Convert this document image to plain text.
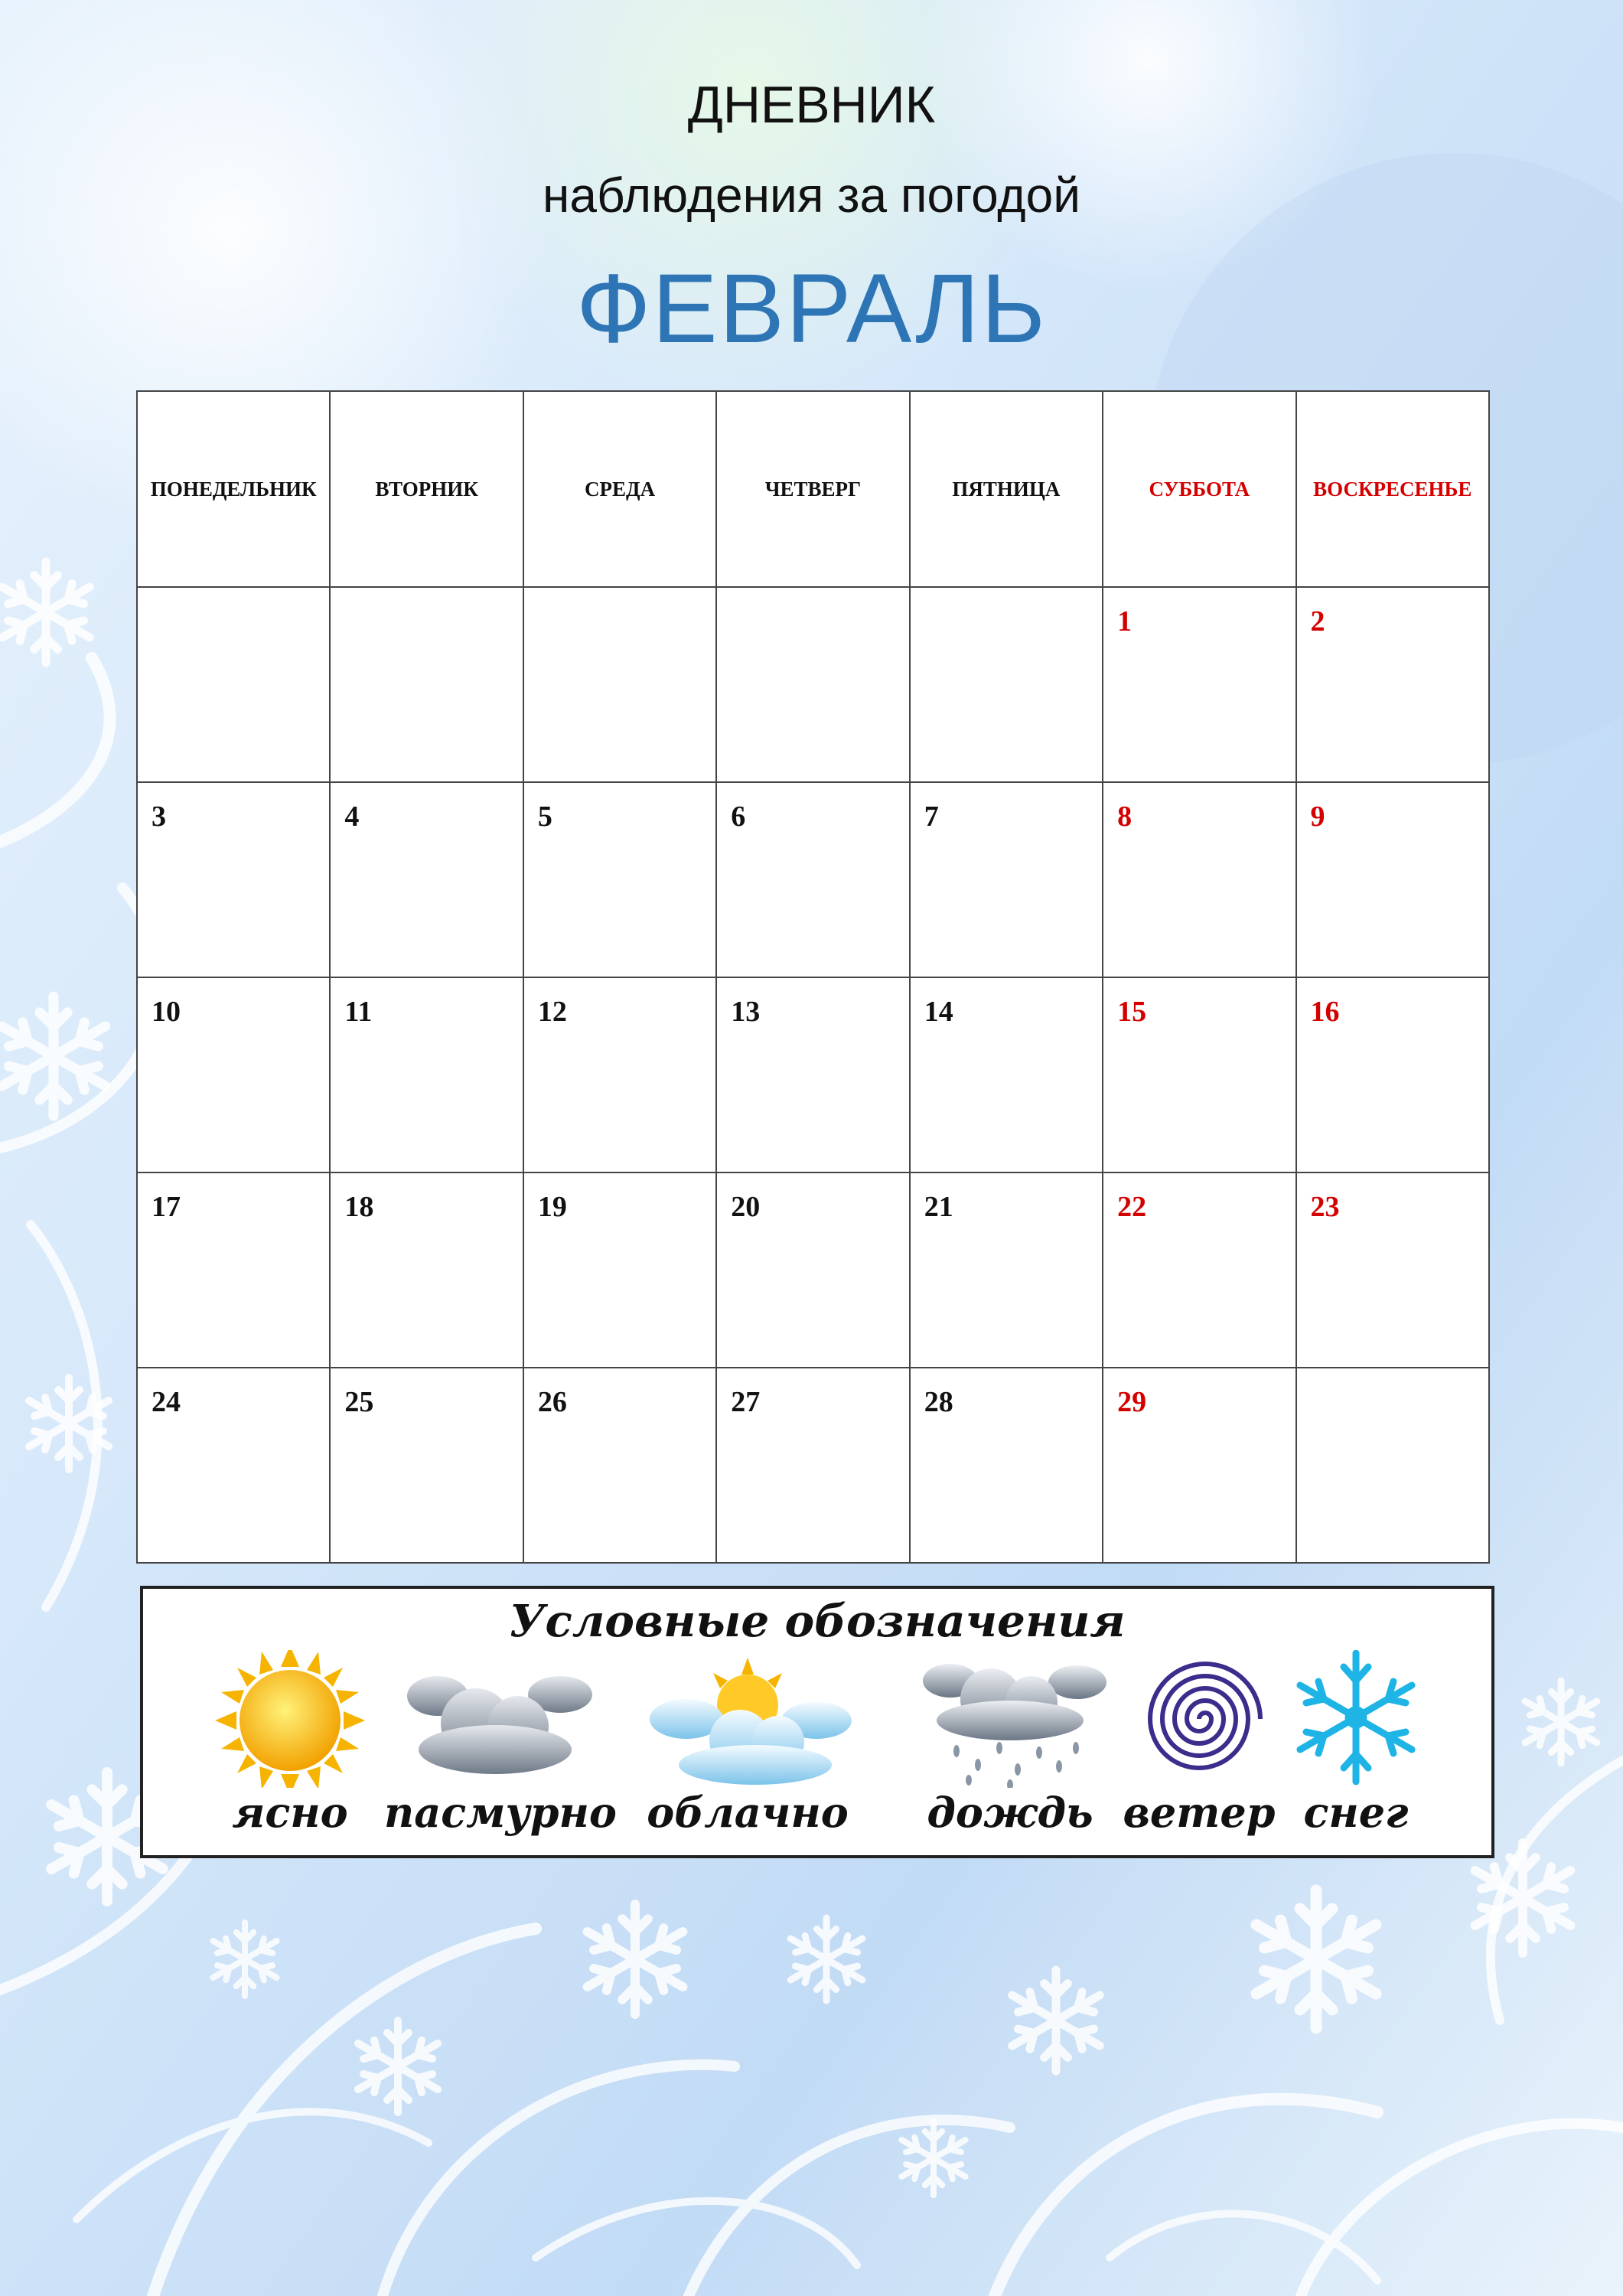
ДНЕВНИК
наблюдения за погодой
ФЕВРАЛЬ
ПОНЕДЕЛЬНИК	ВТОРНИК	СРЕДА	ЧЕТВЕРГ	ПЯТНИЦА	СУББОТА	ВОСКРЕСЕНЬЕ

					1	2

3	4	5	6	7	8	9

10	11	12	13	14	15	16

17	18	19	20	21	22	23

24	25	26	27	28	29	

Условные обозначения
ясно пасмурно облачно	дождь ветер снег
